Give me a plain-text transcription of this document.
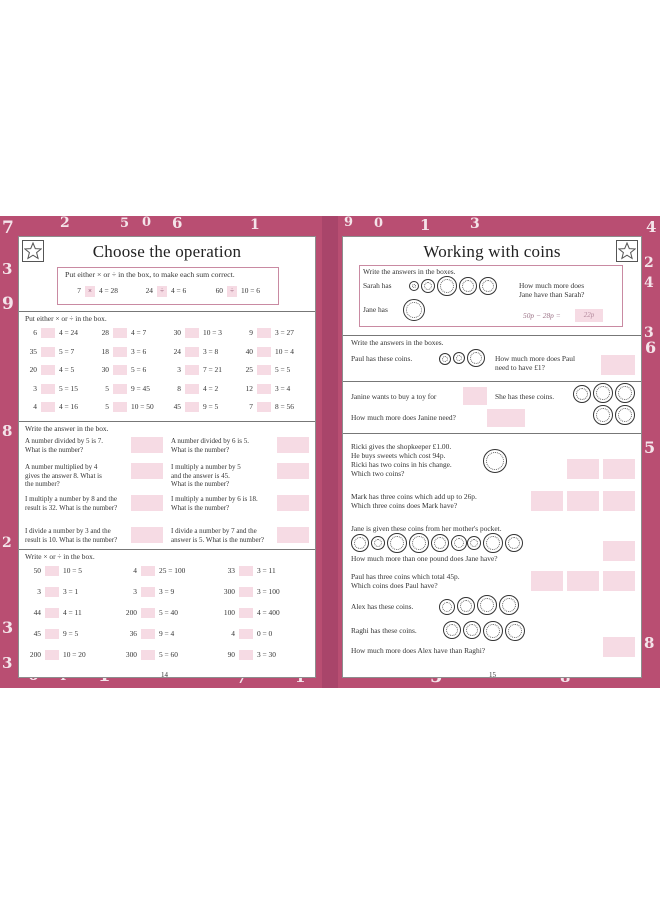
7	2	5	6
3
1
8
2
0
9
3
3
9 0	3
5
8
1	4
3
4
6
2
Choose the operation
Put either × or ÷ in the box, to make each sum correct.
7	× 4 = 28	24	÷ 4 = 6	60	÷ 10 = 6
Put either × or ÷ in the box.
6	4 = 24	28	4 = 7	30	10 = 3	9	3 = 27
35	5 = 7	18	3 = 6	24	3 = 8	40	10 = 4
20	4 = 5	30	5 = 6	3	7 = 21	25	5 = 5
3	5 = 15	5	9 = 45	8	4 = 2	12	3 = 4
4	4 = 16	5	10 = 50	45	9 = 5	7	8 = 56
Write the answer in the box.
A number divided by 5 is 7.
What is the number?
A number divided by 6 is 5.
What is the number?
A number multiplied by 4
gives the answer 8. What is
the number?
I multiply a number by 5
and the answer is 45.
What is the number?
I multiply a number by 8 and the
result is 32. What is the number?
I multiply a number by 6 is 18.
What is the number?
I divide a number by 3 and the
result is 10. What is the number?
I divide a number by 7 and the
answer is 5. What is the number?
Write × or ÷ in the box.
50	10 = 5	4	25 = 100	33	3 = 11
3	3 = 1	3	3 = 9	300	3 = 100
44	4 = 11	200	5 = 40	100	4 = 400
45	9 = 5	36	9 = 4	4	0 = 0
200	10 = 20	300	5 = 60	90	3 = 30
14
Working with coins
Write the answers in the boxes.
Sarah has
Jane has
How much more does
Jane have than Sarah?
50p − 28p =	22p
Write the answers in the boxes.
Paul has these coins.	How much more does Paul
need to have £1?
Janine wants to buy a toy for	She has these coins.
How much more does Janine need?
Ricki gives the shopkeeper £1.00.
He buys sweets which cost 94p.
Ricki has two coins in his change.
Which two coins?
Mark has three coins which add up to 26p.
Which three coins does Mark have?
Jane is given these coins from her mother's pocket.
How much more than one pound does Jane have?
Paul has three coins which total 45p.
Which coins does Paul have?
Alex has these coins.
Raghi has these coins.
How much more does Alex have than Raghi?
15
